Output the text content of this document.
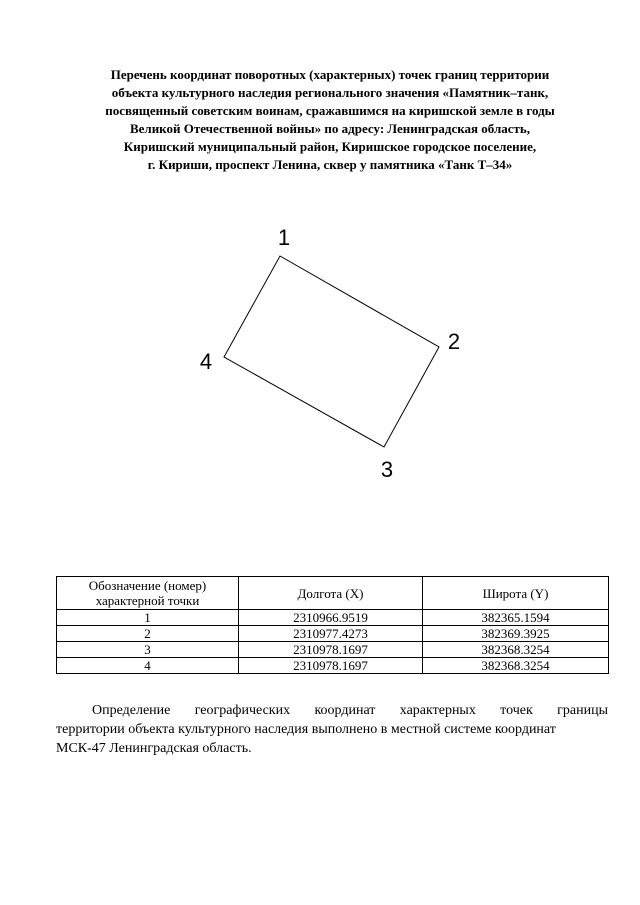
Перечень координат поворотных (характерных) точек границ территории
объекта культурного наследия регионального значения «Памятник–танк,
посвященный советским воинам, сражавшимся на киришской земле в годы
Великой Отечественной войны» по адресу: Ленинградская область,
Киришский муниципальный район, Киришское городское поселение,
г. Кириши, проспект Ленина, сквер у памятника «Танк Т–34»
1
2
3
4
Обозначение (номер) характерной точки	Долгота (X)	Широта (Y)
1	2310966.9519	382365.1594
2	2310977.4273	382369.3925
3	2310978.1697	382368.3254
4	2310978.1697	382368.3254
Определение географических координат характерных точек границы
территории объекта культурного наследия выполнено в местной системе координат
МСК-47 Ленинградская область.
